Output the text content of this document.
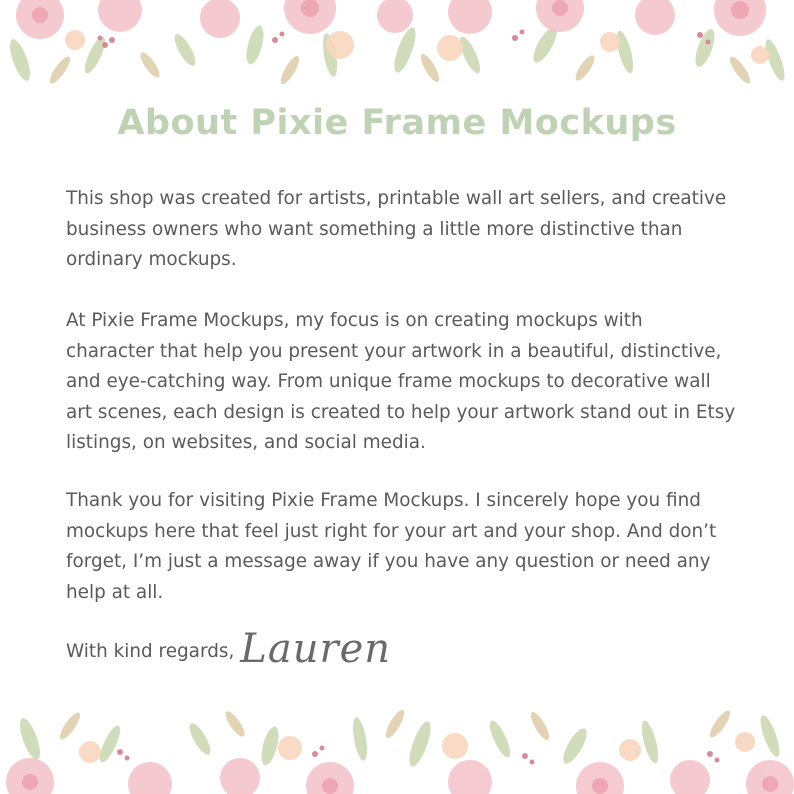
About Pixie Frame Mockups

This shop was created for artists, printable wall art sellers, and creative business owners who want something a little more distinctive than ordinary mockups.

At Pixie Frame Mockups, my focus is on creating mockups with character that help you present your artwork in a beautiful, distinctive, and eye-catching way. From unique frame mockups to decorative wall art scenes, each design is created to help your artwork stand out in Etsy listings, on websites, and social media.

Thank you for visiting Pixie Frame Mockups. I sincerely hope you find mockups here that feel just right for your art and your shop. And don’t forget, I’m just a message away if you have any question or need any help at all.

With kind regards, Lauren
